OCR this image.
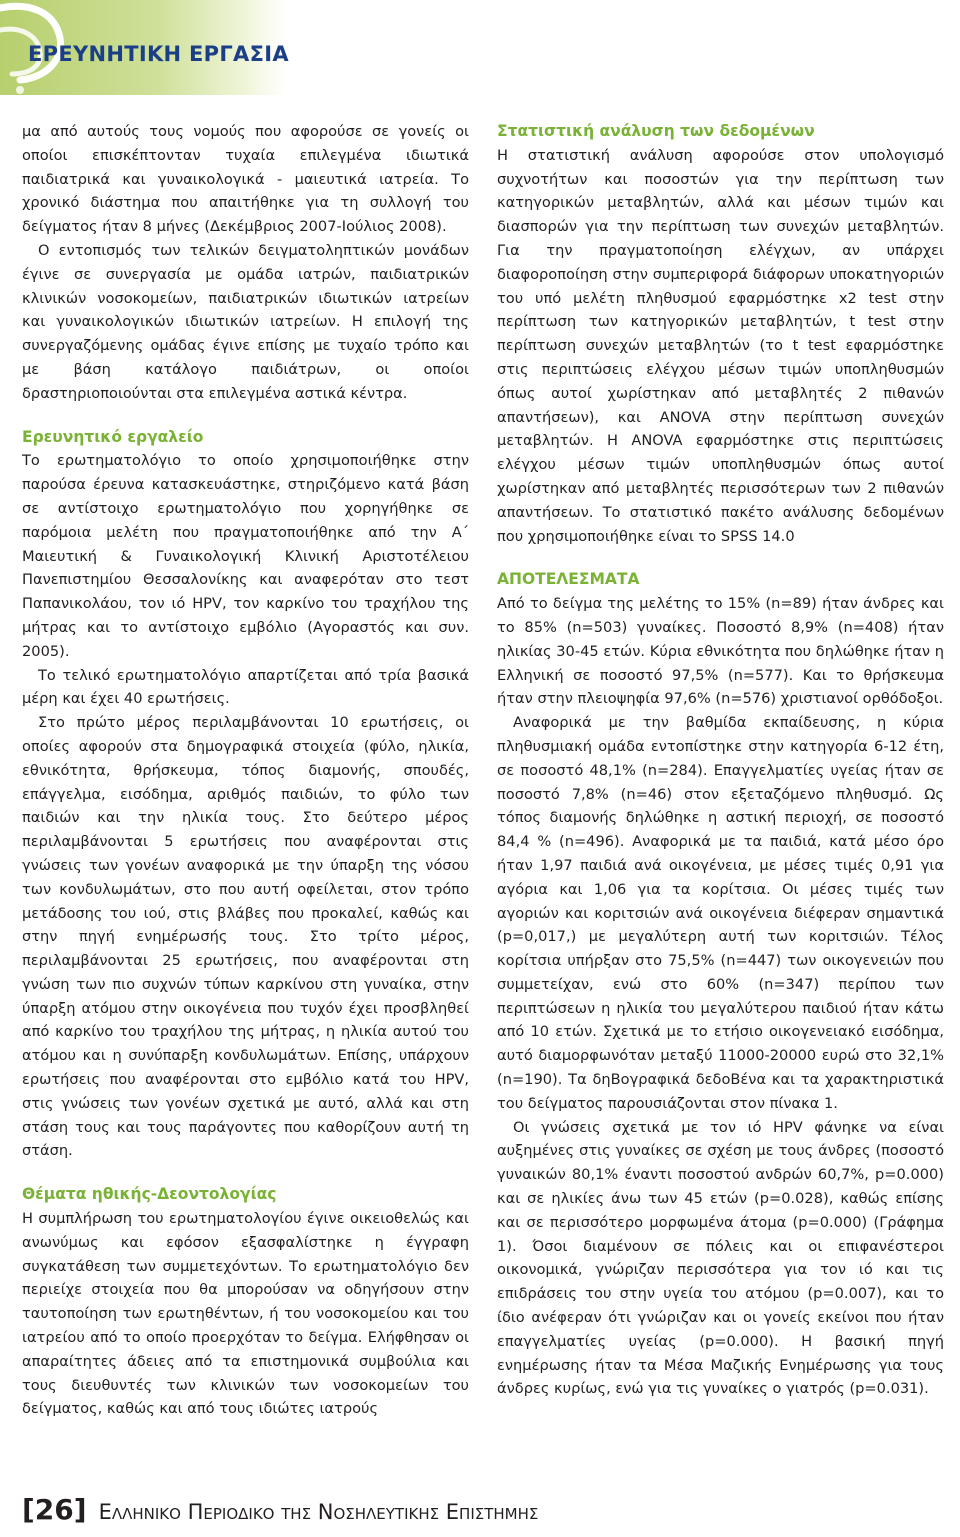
ΕΡΕΥΝΗΤΙΚΗ ΕΡΓΑΣΙΑ

μα από αυτούς τους νομούς που αφορούσε σε γονείς οι οποίοι επισκέπτονταν τυχαία επιλεγμένα ιδιωτικά παιδιατρικά και γυναικολογικά - μαιευτικά ιατρεία. Το χρονικό διάστημα που απαιτήθηκε για τη συλλογή του δείγματος ήταν 8 μήνες (Δεκέμβριος 2007-Ιούλιος 2008).

Ο εντοπισμός των τελικών δειγματοληπτικών μονάδων έγινε σε συνεργασία με ομάδα ιατρών, παιδιατρικών κλινικών νοσοκομείων, παιδιατρικών ιδιωτικών ιατρείων και γυναικολογικών ιδιωτικών ιατρείων. Η επιλογή της συνεργαζόμενης ομάδας έγινε επίσης με τυχαίο τρόπο και με βάση κατάλογο παιδιάτρων, οι οποίοι δραστηριοποιούνται στα επιλεγμένα αστικά κέντρα.

Ερευνητικό εργαλείο

Το ερωτηματολόγιο το οποίο χρησιμοποιήθηκε στην παρούσα έρευνα κατασκευάστηκε, στηριζόμενο κατά βάση σε αντίστοιχο ερωτηματολόγιο που χορηγήθηκε σε παρόμοια μελέτη που πραγματοποιήθηκε από την Α΄ Μαιευτική & Γυναικολογική Κλινική Αριστοτέλειου Πανεπιστημίου Θεσσαλονίκης και αναφερόταν στο τεστ Παπανικολάου, τον ιό HPV, τον καρκίνο του τραχήλου της μήτρας και το αντίστοιχο εμβόλιο (Αγοραστός και συν. 2005).

Το τελικό ερωτηματολόγιο απαρτίζεται από τρία βασικά μέρη και έχει 40 ερωτήσεις.

Στο πρώτο μέρος περιλαμβάνονται 10 ερωτήσεις, οι οποίες αφορούν στα δημογραφικά στοιχεία (φύλο, ηλικία, εθνικότητα, θρήσκευμα, τόπος διαμονής, σπουδές, επάγγελμα, εισόδημα, αριθμός παιδιών, το φύλο των παιδιών και την ηλικία τους. Στο δεύτερο μέρος περιλαμβάνονται 5 ερωτήσεις που αναφέρονται στις γνώσεις των γονέων αναφορικά με την ύπαρξη της νόσου των κονδυλωμάτων, στο που αυτή οφείλεται, στον τρόπο μετάδοσης του ιού, στις βλάβες που προκαλεί, καθώς και στην πηγή ενημέρωσής τους. Στο τρίτο μέρος, περιλαμβάνονται 25 ερωτήσεις, που αναφέρονται στη γνώση των πιο συχνών τύπων καρκίνου στη γυναίκα, στην ύπαρξη ατόμου στην οικογένεια που τυχόν έχει προσβληθεί από καρκίνο του τραχήλου της μήτρας, η ηλικία αυτού του ατόμου και η συνύπαρξη κονδυλωμάτων. Επίσης, υπάρχουν ερωτήσεις που αναφέρονται στο εμβόλιο κατά του HPV, στις γνώσεις των γονέων σχετικά με αυτό, αλλά και στη στάση τους και τους παράγοντες που καθορίζουν αυτή τη στάση.

Θέματα ηθικής-Δεοντολογίας

Η συμπλήρωση του ερωτηματολογίου έγινε οικειοθελώς και ανωνύμως και εφόσον εξασφαλίστηκε η έγγραφη συγκατάθεση των συμμετεχόντων. Το ερωτηματολόγιο δεν περιείχε στοιχεία που θα μπορούσαν να οδηγήσουν στην ταυτοποίηση των ερωτηθέντων, ή του νοσοκομείου και του ιατρείου από το οποίο προερχόταν το δείγμα. Ελήφθησαν οι απαραίτητες άδειες από τα επιστημονικά συμβούλια και τους διευθυντές των κλινικών των νοσοκομείων του δείγματος, καθώς και από τους ιδιώτες ιατρούς

Στατιστική ανάλυση των δεδομένων

Η στατιστική ανάλυση αφορούσε στον υπολογισμό συχνοτήτων και ποσοστών για την περίπτωση των κατηγορικών μεταβλητών, αλλά και μέσων τιμών και διασπορών για την περίπτωση των συνεχών μεταβλητών. Για την πραγματοποίηση ελέγχων, αν υπάρχει διαφοροποίηση στην συμπεριφορά διάφορων υποκατηγοριών του υπό μελέτη πληθυσμού εφαρμόστηκε x2 test στην περίπτωση των κατηγορικών μεταβλητών, t test στην περίπτωση συνεχών μεταβλητών (το t test εφαρμόστηκε στις περιπτώσεις ελέγχου μέσων τιμών υποπληθυσμών όπως αυτοί χωρίστηκαν από μεταβλητές 2 πιθανών απαντήσεων), και ANOVA στην περίπτωση συνεχών μεταβλητών. Η ANOVA εφαρμόστηκε στις περιπτώσεις ελέγχου μέσων τιμών υποπληθυσμών όπως αυτοί χωρίστηκαν από μεταβλητές περισσότερων των 2 πιθανών απαντήσεων. Το στατιστικό πακέτο ανάλυσης δεδομένων που χρησιμοποιήθηκε είναι το SPSS 14.0

ΑΠΟΤΕΛΕΣΜΑΤΑ

Από το δείγμα της μελέτης το 15% (n=89) ήταν άνδρες και το 85% (n=503) γυναίκες. Ποσοστό 8,9% (n=408) ήταν ηλικίας 30-45 ετών. Κύρια εθνικότητα που δηλώθηκε ήταν η Ελληνική σε ποσοστό 97,5% (n=577). Και το θρήσκευμα ήταν στην πλειοψηφία 97,6% (n=576) χριστιανοί ορθόδοξοι.

Αναφορικά με την βαθμίδα εκπαίδευσης, η κύρια πληθυσμιακή ομάδα εντοπίστηκε στην κατηγορία 6-12 έτη, σε ποσοστό 48,1% (n=284). Επαγγελματίες υγείας ήταν σε ποσοστό 7,8% (n=46) στον εξεταζόμενο πληθυσμό. Ως τόπος διαμονής δηλώθηκε η αστική περιοχή, σε ποσοστό 84,4 % (n=496). Αναφορικά με τα παιδιά, κατά μέσο όρο ήταν 1,97 παιδιά ανά οικογένεια, με μέσες τιμές 0,91 για αγόρια και 1,06 για τα κορίτσια. Οι μέσες τιμές των αγοριών και κοριτσιών ανά οικογένεια διέφεραν σημαντικά (p=0,017,) με μεγαλύτερη αυτή των κοριτσιών. Τέλος κορίτσια υπήρξαν στο 75,5% (n=447) των οικογενειών που συμμετείχαν, ενώ στο 60% (n=347) περίπου των περιπτώσεων η ηλικία του μεγαλύτερου παιδιού ήταν κάτω από 10 ετών. Σχετικά με το ετήσιο οικογενειακό εισόδημα, αυτό διαμορφωνόταν μεταξύ 11000-20000 ευρώ στο 32,1% (n=190). Τα δηΒογραφικά δεδοΒένα και τα χαρακτηριστικά του δείγματος παρουσιάζονται στον πίνακα 1.

Οι γνώσεις σχετικά με τον ιό HPV φάνηκε να είναι αυξημένες στις γυναίκες σε σχέση με τους άνδρες (ποσοστό γυναικών 80,1% έναντι ποσοστού ανδρών 60,7%, p=0.000) και σε ηλικίες άνω των 45 ετών (p=0.028), καθώς επίσης και σε περισσότερο μορφωμένα άτομα (p=0.000) (Γράφημα 1). Όσοι διαμένουν σε πόλεις και οι επιφανέστεροι οικονομικά, γνώριζαν περισσότερα για τον ιό και τις επιδράσεις του στην υγεία του ατόμου (p=0.007), και το ίδιο ανέφεραν ότι γνώριζαν και οι γονείς εκείνοι που ήταν επαγγελματίες υγείας (p=0.000). Η βασική πηγή ενημέρωσης ήταν τα Μέσα Μαζικής Ενημέρωσης για τους άνδρες κυρίως, ενώ για τις γυναίκες ο γιατρός (p=0.031).

[26] Ελληνικο Περιοδικο της Νοσηλευτικης Επιστημης
